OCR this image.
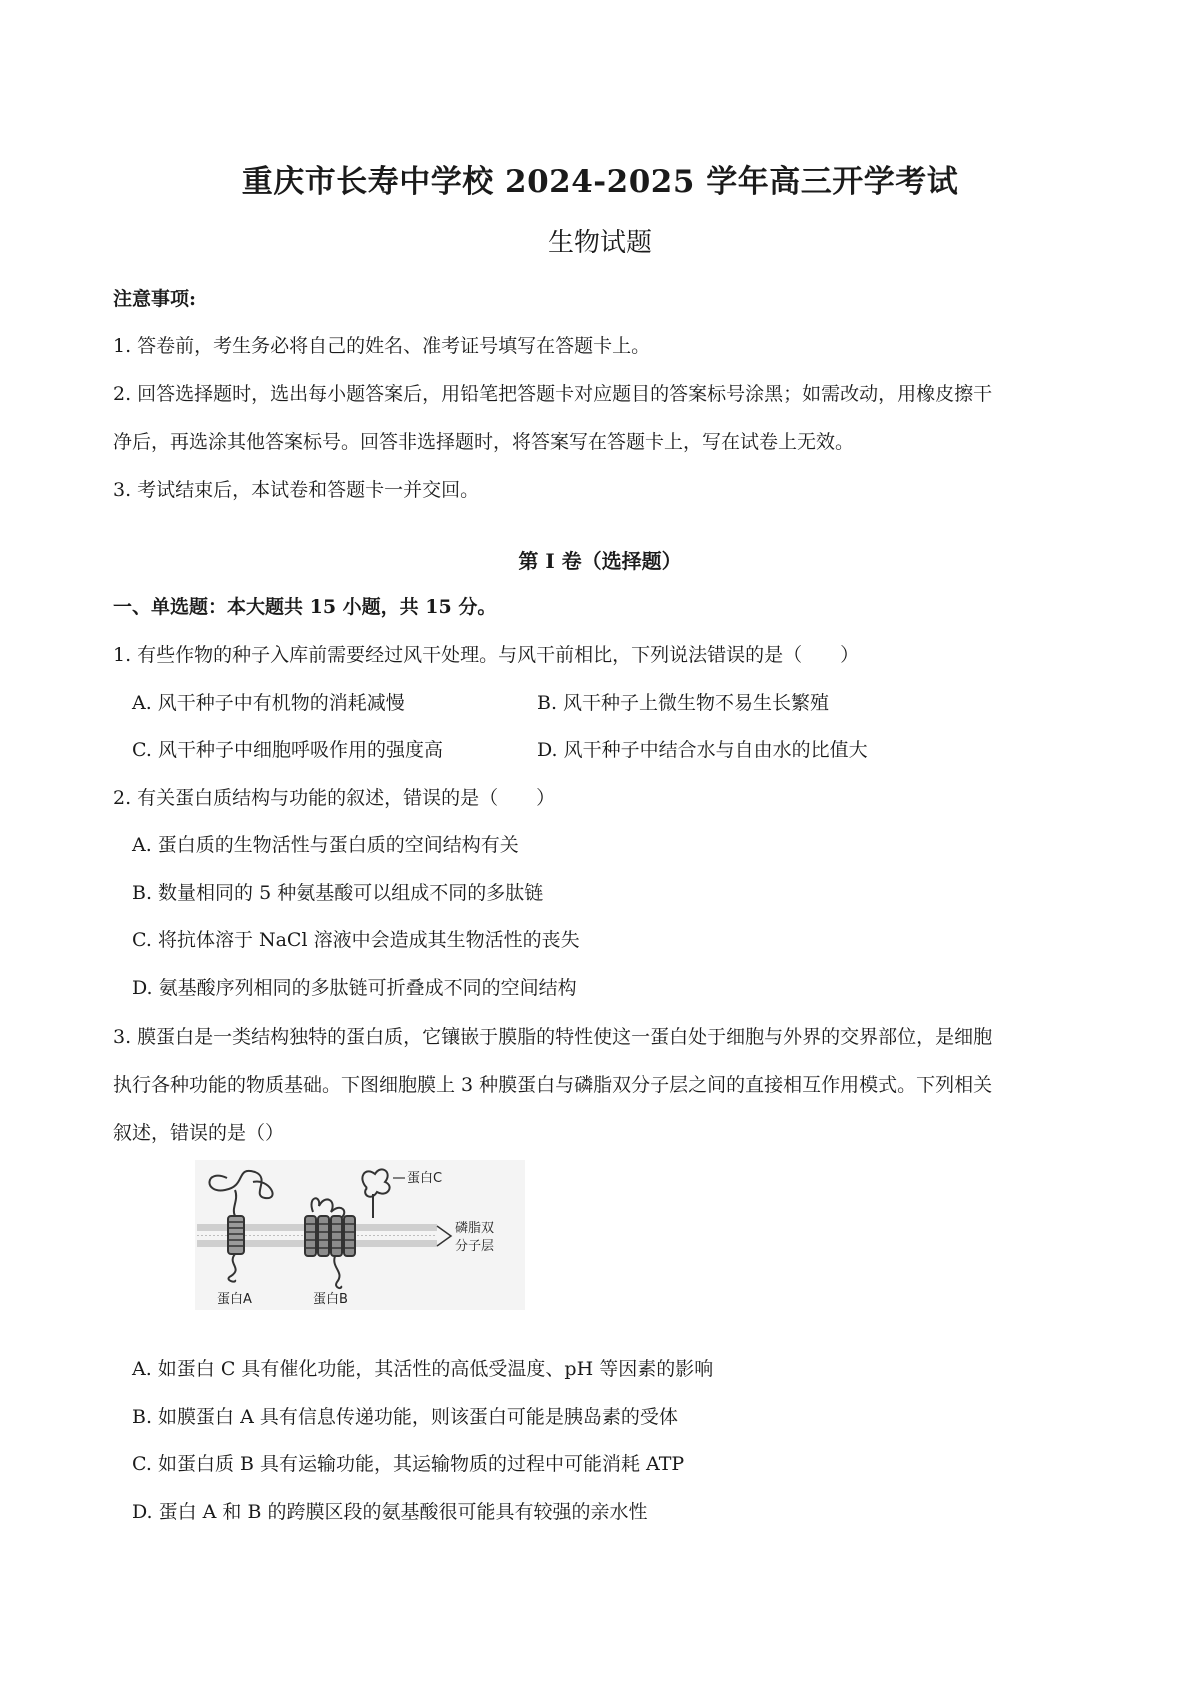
重庆市长寿中学校 2024-2025 学年高三开学考试
生物试题
注意事项:
1. 答卷前，考生务必将自己的姓名、准考证号填写在答题卡上。
2. 回答选择题时，选出每小题答案后，用铅笔把答题卡对应题目的答案标号涂黑；如需改动，用橡皮擦干
净后，再选涂其他答案标号。回答非选择题时，将答案写在答题卡上，写在试卷上无效。
3. 考试结束后，本试卷和答题卡一并交回。
第 I 卷（选择题）
一、单选题：本大题共 15 小题，共 15 分。
1. 有些作物的种子入库前需要经过风干处理。与风干前相比，下列说法错误的是（　　）
A. 风干种子中有机物的消耗减慢	B. 风干种子上微生物不易生长繁殖
C. 风干种子中细胞呼吸作用的强度高	D. 风干种子中结合水与自由水的比值大
2. 有关蛋白质结构与功能的叙述，错误的是（　　）
A. 蛋白质的生物活性与蛋白质的空间结构有关
B. 数量相同的 5 种氨基酸可以组成不同的多肽链
C. 将抗体溶于 NaCl 溶液中会造成其生物活性的丧失
D. 氨基酸序列相同的多肽链可折叠成不同的空间结构
3. 膜蛋白是一类结构独特的蛋白质，它镶嵌于膜脂的特性使这一蛋白处于细胞与外界的交界部位，是细胞
执行各种功能的物质基础。下图细胞膜上 3 种膜蛋白与磷脂双分子层之间的直接相互作用模式。下列相关
叙述，错误的是（）
蛋白C
磷脂双
分子层
蛋白A	蛋白B
A. 如蛋白 C 具有催化功能，其活性的高低受温度、pH 等因素的影响
B. 如膜蛋白 A 具有信息传递功能，则该蛋白可能是胰岛素的受体
C. 如蛋白质 B 具有运输功能，其运输物质的过程中可能消耗 ATP
D. 蛋白 A 和 B 的跨膜区段的氨基酸很可能具有较强的亲水性
